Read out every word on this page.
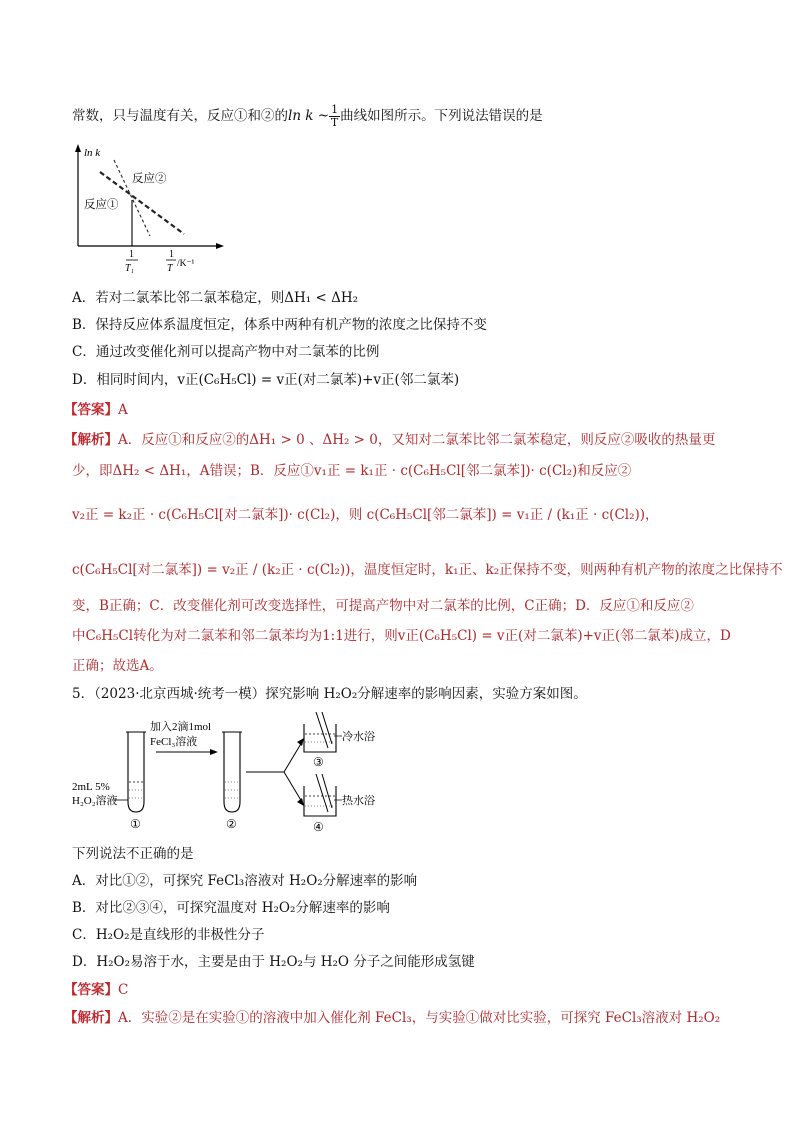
常数，只与温度有关，反应①和②的ln k ~ $\frac{1}{T}$ 曲线如图所示。下列说法错误的是
ln k
反应②
反应①
1
T₁
1
T /K⁻¹
A．若对二氯苯比邻二氯苯稳定，则ΔH₁ < ΔH₂
B．保持反应体系温度恒定，体系中两种有机产物的浓度之比保持不变
C．通过改变催化剂可以提高产物中对二氯苯的比例
D．相同时间内，v正(C₆H₅Cl) = v正(对二氯苯)+v正(邻二氯苯)
【答案】A
【解析】A．反应①和反应②的ΔH₁ > 0 、ΔH₂ > 0，又知对二氯苯比邻二氯苯稳定，则反应②吸收的热量更
少，即ΔH₂ < ΔH₁，A错误；B．反应①v₁正 = k₁正 · c(C₆H₅Cl[邻二氯苯])· c(Cl₂)和反应②
v₂正 = k₂正 · c(C₆H₅Cl[对二氯苯])· c(Cl₂)，则 c(C₆H₅Cl[邻二氯苯]) = v₁正 / (k₁正 · c(Cl₂))，
c(C₆H₅Cl[对二氯苯]) = v₂正 / (k₂正 · c(Cl₂))，温度恒定时，k₁正、k₂正保持不变，则两种有机产物的浓度之比保持不
变，B正确；C．改变催化剂可改变选择性，可提高产物中对二氯苯的比例，C正确；D．反应①和反应②
中C₆H₅Cl转化为对二氯苯和邻二氯苯均为1:1进行，则v正(C₆H₅Cl) = v正(对二氯苯)+v正(邻二氯苯)成立，D
正确；故选A。
5．（2023·北京西城·统考一模）探究影响 H₂O₂分解速率的影响因素，实验方案如图。
2mL 5%
H₂O₂溶液
①
加入2滴1mol
FeCl₃溶液
②
冷水浴
③
热水浴
④
下列说法不正确的是
A．对比①②，可探究 FeCl₃溶液对 H₂O₂分解速率的影响
B．对比②③④，可探究温度对 H₂O₂分解速率的影响
C．H₂O₂是直线形的非极性分子
D．H₂O₂易溶于水，主要是由于 H₂O₂与 H₂O 分子之间能形成氢键
【答案】C
【解析】A．实验②是在实验①的溶液中加入催化剂 FeCl₃，与实验①做对比实验，可探究 FeCl₃溶液对 H₂O₂
